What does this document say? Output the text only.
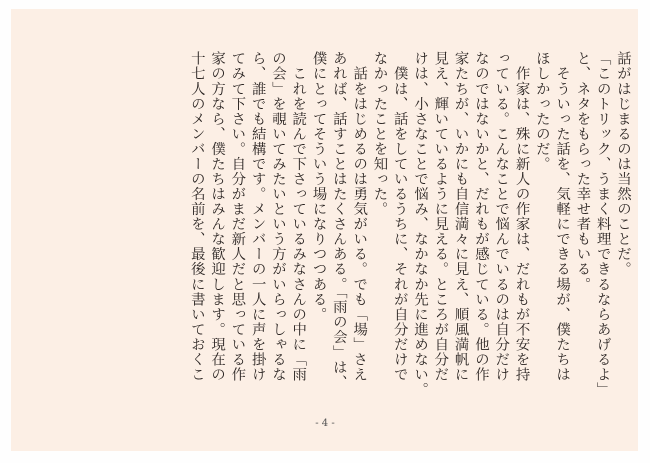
話がはじまるのは当然のことだ。

「このトリック、うまく料理できるならあげるよ」

と、ネタをもらった幸せ者もいる。

　そういった話を、気軽にできる場が、僕たちは

ほしかったのだ。

　作家は、殊に新人の作家は、だれもが不安を持

っている。こんなことで悩んでいるのは自分だけ

なのではないかと、だれもが感じている。他の作

家たちが、いかにも自信満々に見え、順風満帆に

見え、輝いているように見える。ところが自分だ

けは、小さなことで悩み、なかなか先に進めない。

　僕は、話をしているうちに、それが自分だけで

なかったことを知った。

　話をはじめるのは勇気がいる。でも「場」さえ

あれば、話すことはたくさんある。「雨の会」は、

僕にとってそういう場になりつつある。

　これを読んで下さっているみなさんの中に「雨

の会」を覗いてみたいという方がいらっしゃるな

ら、誰でも結構です。メンバーの一人に声を掛け

てみて下さい。自分がまだ新人だと思っている作

家の方なら、僕たちはみんな歓迎します。現在の

十七人のメンバーの名前を、最後に書いておくこ

- 4 -
